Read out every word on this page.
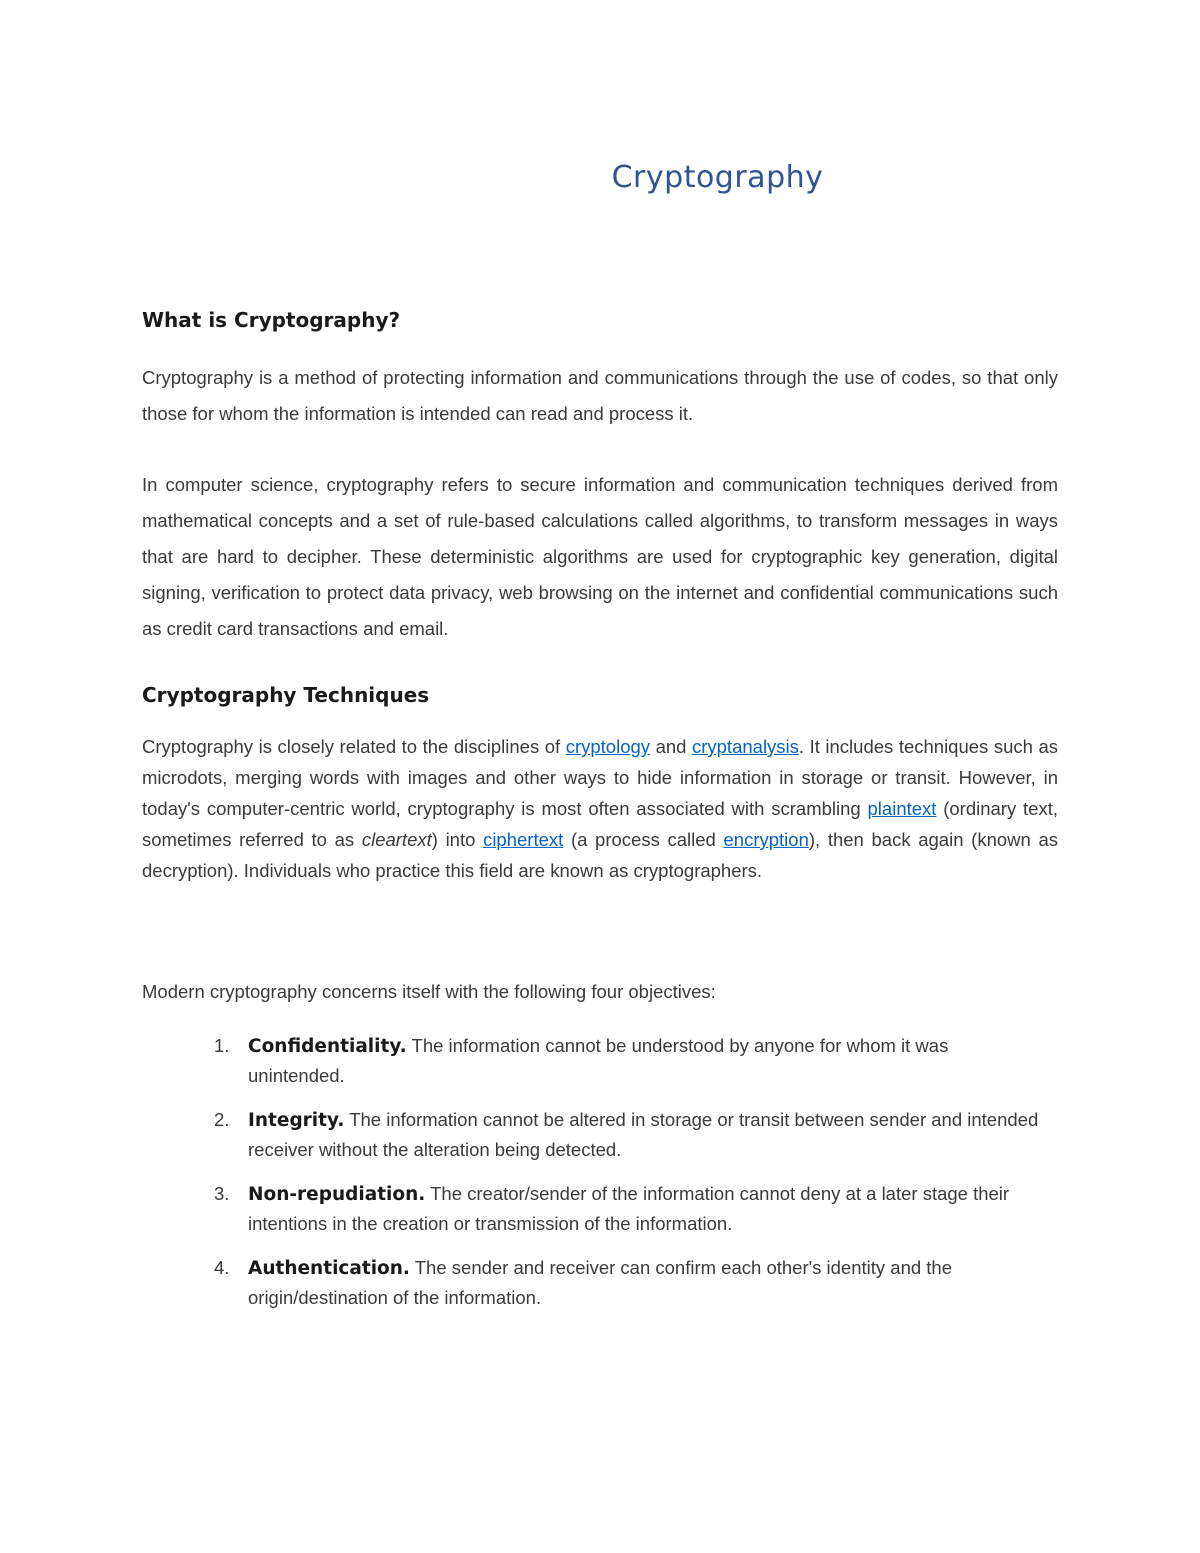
Cryptography
What is Cryptography?

Cryptography is a method of protecting information and communications through the use of codes, so that only those for whom the information is intended can read and process it.

In computer science, cryptography refers to secure information and communication techniques derived from mathematical concepts and a set of rule-based calculations called algorithms, to transform messages in ways that are hard to decipher. These deterministic algorithms are used for cryptographic key generation, digital signing, verification to protect data privacy, web browsing on the internet and confidential communications such as credit card transactions and email.

Cryptography Techniques

Cryptography is closely related to the disciplines of cryptology and cryptanalysis. It includes techniques such as microdots, merging words with images and other ways to hide information in storage or transit. However, in today's computer-centric world, cryptography is most often associated with scrambling plaintext (ordinary text, sometimes referred to as cleartext) into ciphertext (a process called encryption), then back again (known as decryption). Individuals who practice this field are known as cryptographers.

Modern cryptography concerns itself with the following four objectives:

1. Confidentiality. The information cannot be understood by anyone for whom it was unintended.
2. Integrity. The information cannot be altered in storage or transit between sender and intended receiver without the alteration being detected.
3. Non-repudiation. The creator/sender of the information cannot deny at a later stage their intentions in the creation or transmission of the information.
4. Authentication. The sender and receiver can confirm each other's identity and the origin/destination of the information.
